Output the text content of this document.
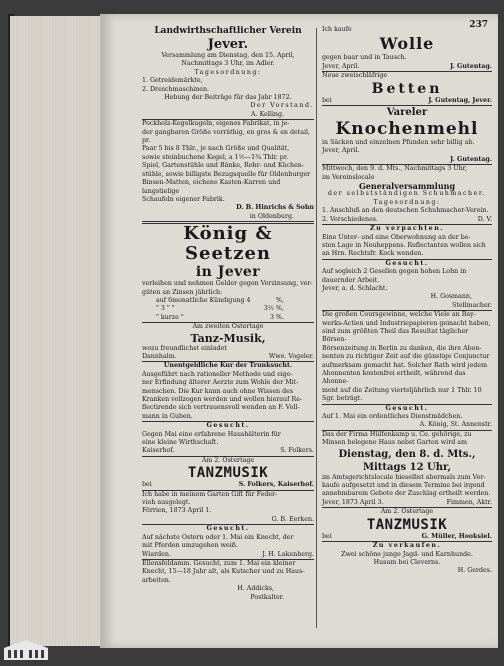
237
Landwirthschaftlicher Verein
Jever.
Versammlung am Dienstag, den 15. April,
Nachmittags 3 Uhr, im Adler.
Tagesordnung:
1. Getreidemärkte,
2. Dreschmaschinen.
Hebung der Beiträge für das Jahr 1872.
Der Vorstand.
A. Kelling.
Pockholz-Kegelkugeln, eigenes Fabrikat, in je-
der gangbaren Größe vorräthig, en gros & en detail, pr.
Paar 5 bis 8 Thlr., je nach Größe und Qualität,
sowie steinbuchene Kegel, a 1½—1¾ Thlr. pr.
Spiel, Gartenstühle und Bänke, Rohr- und Küchen-
stühle, sowie billigste Bezugsquelle für Oldenburger
Binsen-Matten, eichene Kasten-Karren und langstielige
Schaufeln eigener Fabrik.
D. B. Hinrichs & Sohn
in Oldenburg.
König & Seetzen
in Jever
verleihen und nehmen Gelder gegen Verzinsung, ver-
güten an Zinsen jährlich:
auf 6monatliche Kündigung 4	%,
" 3 " "	3½ %,
" kurze "	3 %.
Am zweiten Ostertage
Tanz-Musik,
wozu freundlichst einladet
Dannhalm.	Wwe. Vogeler.
Unentgeldliche Kur der Trunksucht.
Ausgeführt nach rationeller Methode und eige-
ner Erfindung älterer Aerzte zum Wohle der Mit-
menschen. Die Kur kann auch ohne Wissen des
Kranken vollzogen werden und wollen hierauf Re-
flectirende sich vertrauensvoll wenden an F. Voll-
mann in Guben.
Gesucht.
Gegen Mai eine erfahrene Haushälterin für
eine kleine Wirthschaft.
Kaiserhof.	S. Folkers.
Am 2. Ostertage
TANZMUSIK
bei	S. Folkers, Kaiserhof.
Ich habe in meinem Garten Gift für Feder-
vieh ausgelegt.
Förrien, 1873 April 1.
G. B. Eerken.
Gesucht.
Auf nächste Ostern oder 1. Mai ein Knecht, der
mit Pferden umzugehen weiß.
Wiarden.	J. H. Lakenberg.
Ellensfeldamm. Gesucht, zum 1. Mai ein kleiner
Knecht, 15—18 Jahr alt, als Kutscher und zu Haus-
arbeiten.
H. Addicks,
Postkalter.
Ich kaufe
Wolle
gegen baar und in Tausch.
Jever, April.	J. Gutentag.
Neue zweischläfrige
Betten
bei	J. Gutentag, Jever.
Vareler
Knochenmehl
in Säcken und einzelnen Pfunden sehr billig ab.
Jever, April.
J. Gutentag.
Mittwoch, den 9. d. Mts., Nachmittags 3 Uhr,
im Vereinslocale
Generalversammlung
der selbstständigen Schuhmacher.
Tagesordnung:
1. Anschluß an den deutschen Schuhmacher-Verein.
2. Verschiedenes.	D. V.
Zu verpachten.
Eine Unter- und eine Oberwohnung an der be-
sten Lage in Neuheppens. Reflectanten wollen sich
an Hrn. Rechtsfr. Kock wenden.
Gesucht.
Auf sogleich 2 Gesellen gegen hohen Lohn in
dauernder Arbeit.
Jever, a. d. Schlacht.
H. Gosmann,
Stellmacher.
Die großen Coursgewinne, welche Viele an Bay-
werks-Actien und Industriepapieren gemacht haben,
sind zum größten Theil das Resultat täglicher Börsen-
Börsenzeitung in Berlin zu danken, die ihre Abon-
nenten zu richtiger Zeit auf die günstige Conjunctur
aufmerksam gemacht hat. Solcher Rath wird jedem
Abonnenten kostenfrei ertheilt, während das Abonne-
ment auf die Zeitung vierteljährlich nur 1 Thlr. 10
Sgr. beträgt.
Gesucht.
Auf 1. Mai ein ordentliches Dienstmädchen.
A. König, St. Annenstr.
Das der Firma Hülfenkamp u. Co. gehörige, zu
Minsen belegene Haus nebst Garten wird am
Dienstag, den 8. d. Mts.,
Mittags 12 Uhr,
im Amtsgerichtslocale hieselbst abermals zum Ver-
kaufe aufgesetzt und in diesem Termine bei irgend
annehmbarem Gebote der Zuschlag ertheilt werden.
Jever, 1873 April 3.	Fimmen, Aktr.
Am 2. Ostertage
TANZMUSIK
bei	G. Müller, Hooksiel.
Zu verkaufen.
Zwei schöne junge Jagd- und Karnhunde.
Husum bei Cleverns.
H. Gerdes.
